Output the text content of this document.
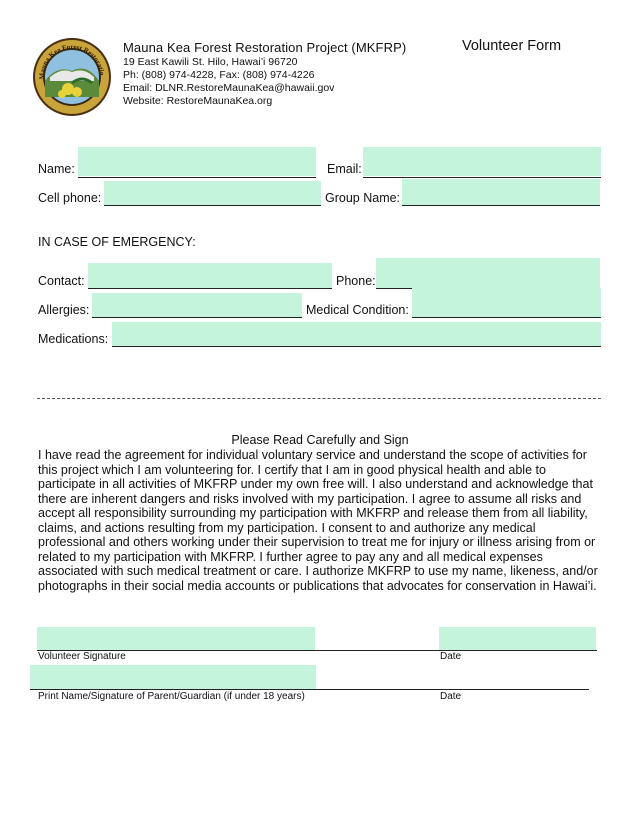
Mauna Kea Forest Restoratio
Mauna Kea Forest Restoration Project (MKFRP)
19 East Kawili St. Hilo, Hawai’i 96720
Ph: (808) 974-4228, Fax: (808) 974-4226
Email: DLNR.RestoreMaunaKea@hawaii.gov
Website: RestoreMaunaKea.org
Volunteer Form
Name:	Email:
Cell phone:	Group Name:
IN CASE OF EMERGENCY:
Contact:	Phone:
Allergies:	Medical Condition:
Medications:
Please Read Carefully and Sign
I have read the agreement for individual voluntary service and understand the scope of activities for this project which I am volunteering for. I certify that I am in good physical health and able to participate in all activities of MKFRP under my own free will. I also understand and acknowledge that there are inherent dangers and risks involved with my participation. I agree to assume all risks and accept all responsibility surrounding my participation with MKFRP and release them from all liability, claims, and actions resulting from my participation. I consent to and authorize any medical professional and others working under their supervision to treat me for injury or illness arising from or related to my participation with MKFRP. I further agree to pay any and all medical expenses associated with such medical treatment or care. I authorize MKFRP to use my name, likeness, and/or photographs in their social media accounts or publications that advocates for conservation in Hawai’i.
Volunteer Signature	Date
Print Name/Signature of Parent/Guardian (if under 18 years)	Date
